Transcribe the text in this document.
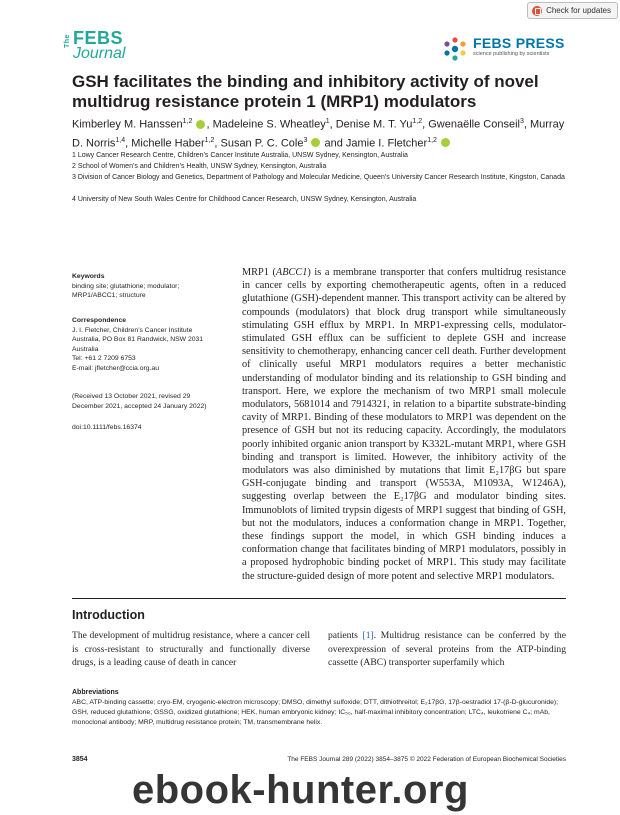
Check for updates
The FEBS
Journal
FEBS PRESS
science publishing by scientists
GSH facilitates the binding and inhibitory activity of novel multidrug resistance protein 1 (MRP1) modulators
Kimberley M. Hanssen$^{1,2}$ , Madeleine S. Wheatley$^1$, Denise M. T. Yu$^{1,2}$, Gwenaëlle Conseil$^3$, Murray D. Norris$^{1,4}$, Michelle Haber$^{1,2}$, Susan P. C. Cole$^3$  and Jamie I. Fletcher$^{1,2}$
1 Lowy Cancer Research Centre, Children’s Cancer Institute Australia, UNSW Sydney, Kensington, Australia
2 School of Women’s and Children’s Health, UNSW Sydney, Kensington, Australia
3 Division of Cancer Biology and Genetics, Department of Pathology and Molecular Medicine, Queen’s University Cancer Research Institute, Kingston, Canada
4 University of New South Wales Centre for Childhood Cancer Research, UNSW Sydney, Kensington, Australia
Keywords
binding site; glutathione; modulator; MRP1/ABCC1; structure
Correspondence
J. I. Fletcher, Children’s Cancer Institute
Australia, PO Box 81 Randwick, NSW 2031
Australia
Tel: +61 2 7209 6753
E-mail: jfletcher@ccia.org.au
(Received 13 October 2021, revised 29 December 2021, accepted 24 January 2022)
doi:10.1111/febs.16374
MRP1 (ABCC1) is a membrane transporter that confers multidrug resistance in cancer cells by exporting chemotherapeutic agents, often in a reduced glutathione (GSH)-dependent manner. This transport activity can be altered by compounds (modulators) that block drug transport while simultaneously stimulating GSH efflux by MRP1. In MRP1-expressing cells, modulator-stimulated GSH efflux can be sufficient to deplete GSH and increase sensitivity to chemotherapy, enhancing cancer cell death. Further development of clinically useful MRP1 modulators requires a better mechanistic understanding of modulator binding and its relationship to GSH binding and transport. Here, we explore the mechanism of two MRP1 small molecule modulators, 5681014 and 7914321, in relation to a bipartite substrate-binding cavity of MRP1. Binding of these modulators to MRP1 was dependent on the presence of GSH but not its reducing capacity. Accordingly, the modulators poorly inhibited organic anion transport by K332L-mutant MRP1, where GSH binding and transport is limited. However, the inhibitory activity of the modulators was also diminished by mutations that limit E₂17βG but spare GSH-conjugate binding and transport (W553A, M1093A, W1246A), suggesting overlap between the E₂17βG and modulator binding sites. Immunoblots of limited trypsin digests of MRP1 suggest that binding of GSH, but not the modulators, induces a conformation change in MRP1. Together, these findings support the model, in which GSH binding induces a conformation change that facilitates binding of MRP1 modulators, possibly in a proposed hydrophobic binding pocket of MRP1. This study may facilitate the structure-guided design of more potent and selective MRP1 modulators.
Introduction
The development of multidrug resistance, where a cancer cell is cross-resistant to structurally and functionally diverse drugs, is a leading cause of death in cancer
patients [1]. Multidrug resistance can be conferred by the overexpression of several proteins from the ATP-binding cassette (ABC) transporter superfamily which
Abbreviations
ABC, ATP-binding cassette; cryo-EM, cryogenic-electron microscopy; DMSO, dimethyl sulfoxide; DTT, dithiothreitol; E₂17βG, 17β-oestradiol 17-(β-D-glucuronide); GSH, reduced glutathione; GSSG, oxidized glutathione; HEK, human embryonic kidney; IC₅₀, half-maximal inhibitory concentration; LTC₄, leukotriene C₄; mAb, monoclonal antibody; MRP, multidrug resistance protein; TM, transmembrane helix.
3854	The FEBS Journal 289 (2022) 3854–3875 © 2022 Federation of European Biochemical Societies
ebook-hunter.org
